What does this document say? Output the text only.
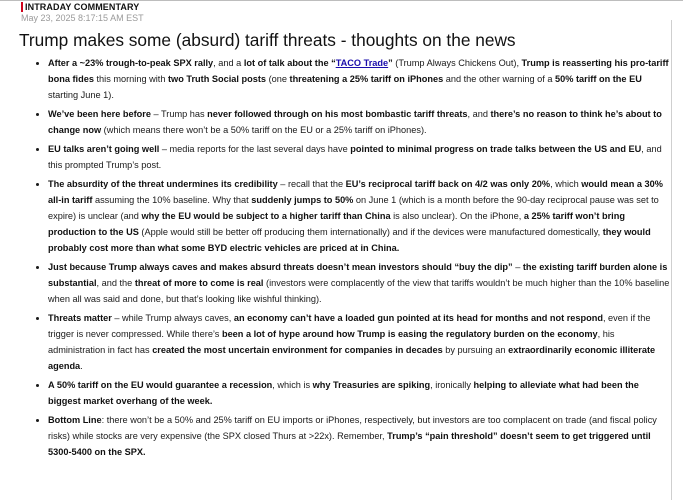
INTRADAY COMMENTARY
May 23, 2025 8:17:15 AM EST
Trump makes some (absurd) tariff threats - thoughts on the news
• After a ~23% trough-to-peak SPX rally, and a lot of talk about the “TACO Trade” (Trump Always Chickens Out), Trump is reasserting his pro-tariff bona fides this morning with two Truth Social posts (one threatening a 25% tariff on iPhones and the other warning of a 50% tariff on the EU starting June 1).
• We’ve been here before – Trump has never followed through on his most bombastic tariff threats, and there’s no reason to think he’s about to change now (which means there won’t be a 50% tariff on the EU or a 25% tariff on iPhones).
• EU talks aren’t going well – media reports for the last several days have pointed to minimal progress on trade talks between the US and EU, and this prompted Trump’s post.
• The absurdity of the threat undermines its credibility – recall that the EU’s reciprocal tariff back on 4/2 was only 20%, which would mean a 30% all-in tariff assuming the 10% baseline. Why that suddenly jumps to 50% on June 1 (which is a month before the 90-day reciprocal pause was set to expire) is unclear (and why the EU would be subject to a higher tariff than China is also unclear). On the iPhone, a 25% tariff won’t bring production to the US (Apple would still be better off producing them internationally) and if the devices were manufactured domestically, they would probably cost more than what some BYD electric vehicles are priced at in China.
• Just because Trump always caves and makes absurd threats doesn’t mean investors should “buy the dip” – the existing tariff burden alone is substantial, and the threat of more to come is real (investors were complacently of the view that tariffs wouldn’t be much higher than the 10% baseline when all was said and done, but that’s looking like wishful thinking).
• Threats matter – while Trump always caves, an economy can’t have a loaded gun pointed at its head for months and not respond, even if the trigger is never compressed. While there’s been a lot of hype around how Trump is easing the regulatory burden on the economy, his administration in fact has created the most uncertain environment for companies in decades by pursuing an extraordinarily economic illiterate agenda.
• A 50% tariff on the EU would guarantee a recession, which is why Treasuries are spiking, ironically helping to alleviate what had been the biggest market overhang of the week.
• Bottom Line: there won’t be a 50% and 25% tariff on EU imports or iPhones, respectively, but investors are too complacent on trade (and fiscal policy risks) while stocks are very expensive (the SPX closed Thurs at >22x). Remember, Trump’s “pain threshold” doesn’t seem to get triggered until 5300-5400 on the SPX.
